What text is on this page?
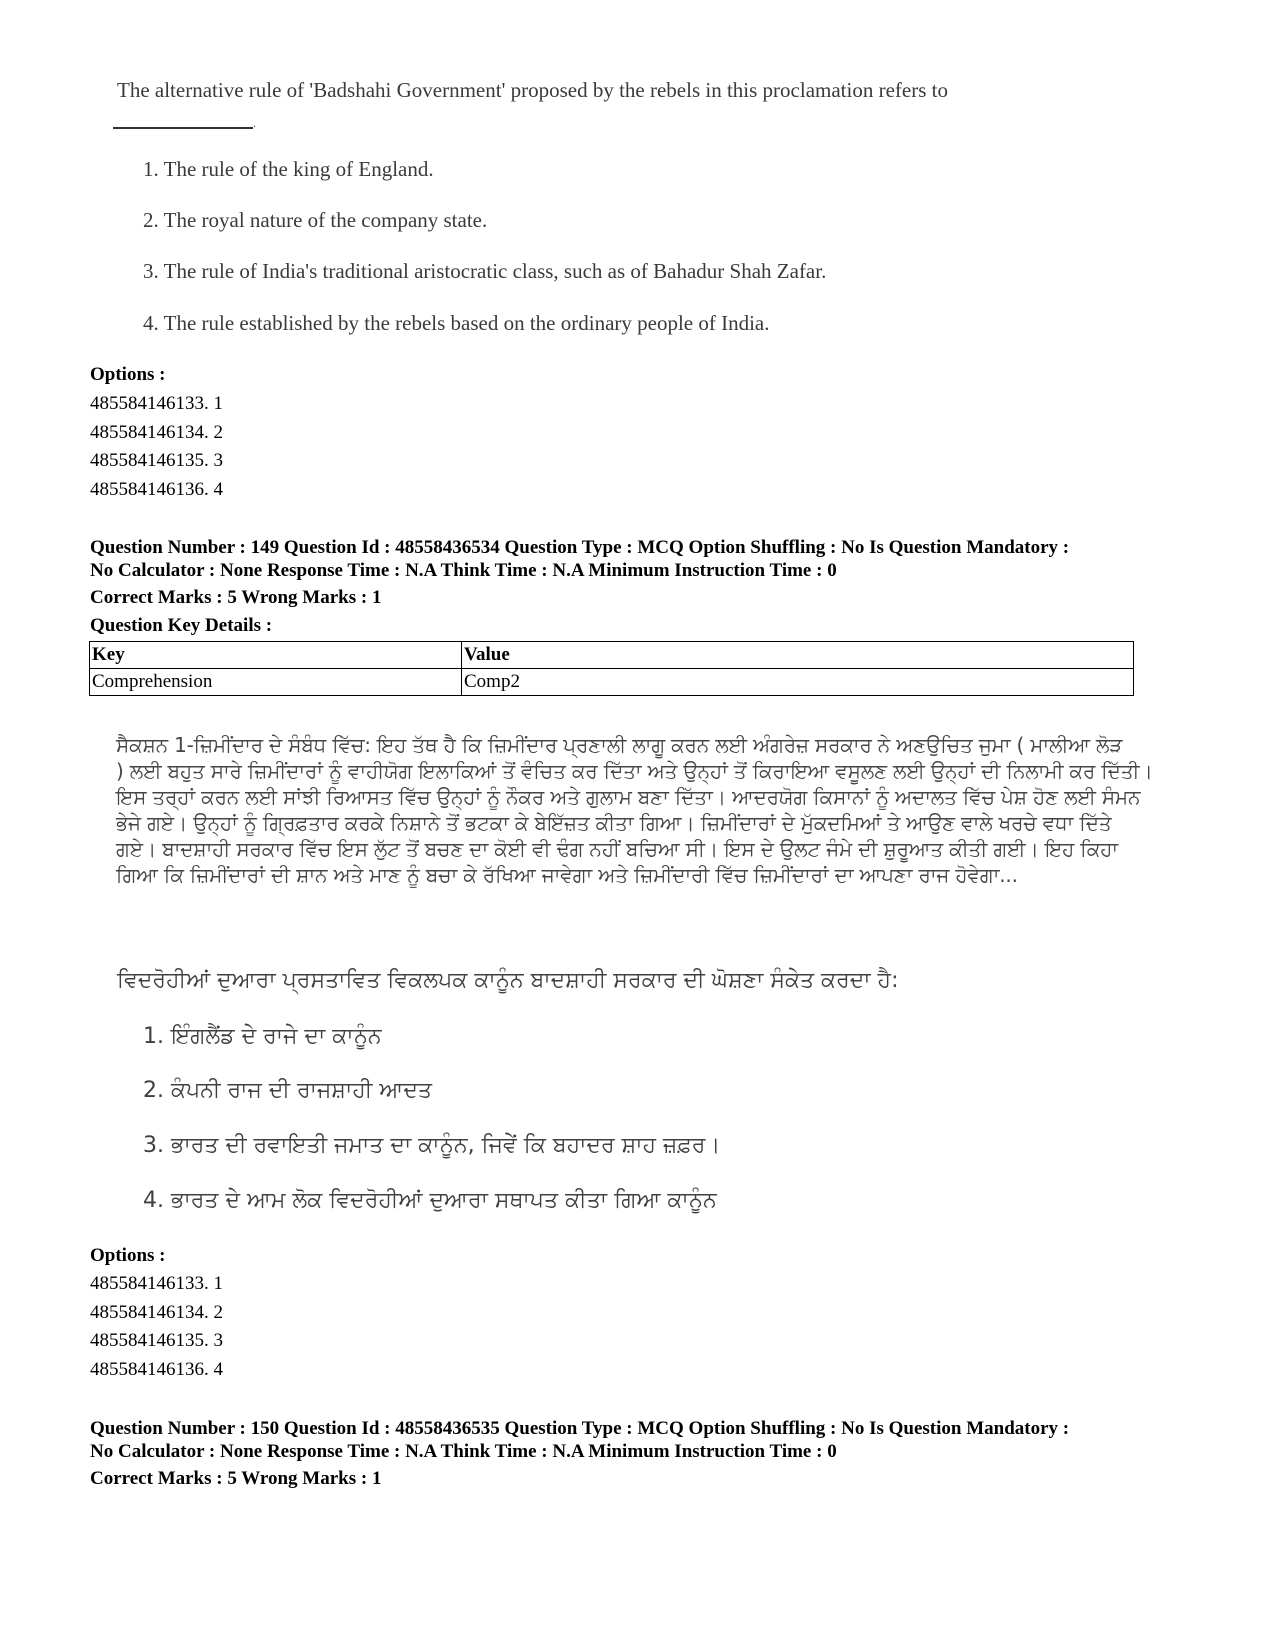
The alternative rule of 'Badshahi Government' proposed by the rebels in this proclamation refers to
.
1. The rule of the king of England.
2. The royal nature of the company state.
3. The rule of India's traditional aristocratic class, such as of Bahadur Shah Zafar.
4. The rule established by the rebels based on the ordinary people of India.
Options :
485584146133. 1
485584146134. 2
485584146135. 3
485584146136. 4
Question Number : 149 Question Id : 48558436534 Question Type : MCQ Option Shuffling : No Is Question Mandatory :
No Calculator : None Response Time : N.A Think Time : N.A Minimum Instruction Time : 0
Correct Marks : 5 Wrong Marks : 1
Question Key Details :
Key	Value
Comprehension	Comp2
ਸੈਕਸ਼ਨ 1-ਜ਼ਿਮੀਂਦਾਰ ਦੇ ਸੰਬੰਧ ਵਿੱਚ: ਇਹ ਤੱਥ ਹੈ ਕਿ ਜ਼ਿਮੀਂਦਾਰ ਪ੍ਰਣਾਲੀ ਲਾਗੂ ਕਰਨ ਲਈ ਅੰਗਰੇਜ਼ ਸਰਕਾਰ ਨੇ ਅਣਉਚਿਤ ਜੁਮਾ ( ਮਾਲੀਆ ਲੋੜ
) ਲਈ ਬਹੁਤ ਸਾਰੇ ਜ਼ਿਮੀਂਦਾਰਾਂ ਨੂੰ ਵਾਹੀਯੋਗ ਇਲਾਕਿਆਂ ਤੋਂ ਵੰਚਿਤ ਕਰ ਦਿੱਤਾ ਅਤੇ ਉਨ੍ਹਾਂ ਤੋਂ ਕਿਰਾਇਆ ਵਸੂਲਣ ਲਈ ਉਨ੍ਹਾਂ ਦੀ ਨਿਲਾਮੀ ਕਰ ਦਿੱਤੀ।
ਇਸ ਤਰ੍ਹਾਂ ਕਰਨ ਲਈ ਸਾਂਝੀ ਰਿਆਸਤ ਵਿੱਚ ਉਨ੍ਹਾਂ ਨੂੰ ਨੌਕਰ ਅਤੇ ਗੁਲਾਮ ਬਣਾ ਦਿੱਤਾ। ਆਦਰਯੋਗ ਕਿਸਾਨਾਂ ਨੂੰ ਅਦਾਲਤ ਵਿੱਚ ਪੇਸ਼ ਹੋਣ ਲਈ ਸੰਮਨ
ਭੇਜੇ ਗਏ। ਉਨ੍ਹਾਂ ਨੂੰ ਗ੍ਰਿਫ਼ਤਾਰ ਕਰਕੇ ਨਿਸ਼ਾਨੇ ਤੋਂ ਭਟਕਾ ਕੇ ਬੇਇੱਜ਼ਤ ਕੀਤਾ ਗਿਆ। ਜ਼ਿਮੀਂਦਾਰਾਂ ਦੇ ਮੁੱਕਦਮਿਆਂ ਤੇ ਆਉਣ ਵਾਲੇ ਖਰਚੇ ਵਧਾ ਦਿੱਤੇ
ਗਏ। ਬਾਦਸ਼ਾਹੀ ਸਰਕਾਰ ਵਿੱਚ ਇਸ ਲੁੱਟ ਤੋਂ ਬਚਣ ਦਾ ਕੋਈ ਵੀ ਢੰਗ ਨਹੀਂ ਬਚਿਆ ਸੀ। ਇਸ ਦੇ ਉਲਟ ਜੰਮੇ ਦੀ ਸ਼ੁਰੂਆਤ ਕੀਤੀ ਗਈ। ਇਹ ਕਿਹਾ
ਗਿਆ ਕਿ ਜ਼ਿਮੀਂਦਾਰਾਂ ਦੀ ਸ਼ਾਨ ਅਤੇ ਮਾਣ ਨੂੰ ਬਚਾ ਕੇ ਰੱਖਿਆ ਜਾਵੇਗਾ ਅਤੇ ਜ਼ਿਮੀਂਦਾਰੀ ਵਿੱਚ ਜ਼ਿਮੀਂਦਾਰਾਂ ਦਾ ਆਪਣਾ ਰਾਜ ਹੋਵੇਗਾ...
ਵਿਦਰੋਹੀਆਂ ਦੁਆਰਾ ਪ੍ਰਸਤਾਵਿਤ ਵਿਕਲਪਕ ਕਾਨੂੰਨ ਬਾਦਸ਼ਾਹੀ ਸਰਕਾਰ ਦੀ ਘੋਸ਼ਣਾ ਸੰਕੇਤ ਕਰਦਾ ਹੈ:
1. ਇੰਗਲੈਂਡ ਦੇ ਰਾਜੇ ਦਾ ਕਾਨੂੰਨ
2. ਕੰਪਨੀ ਰਾਜ ਦੀ ਰਾਜਸ਼ਾਹੀ ਆਦਤ
3. ਭਾਰਤ ਦੀ ਰਵਾਇਤੀ ਜਮਾਤ ਦਾ ਕਾਨੂੰਨ, ਜਿਵੇਂ ਕਿ ਬਹਾਦਰ ਸ਼ਾਹ ਜ਼ਫ਼ਰ।
4. ਭਾਰਤ ਦੇ ਆਮ ਲੋਕ ਵਿਦਰੋਹੀਆਂ ਦੁਆਰਾ ਸਥਾਪਤ ਕੀਤਾ ਗਿਆ ਕਾਨੂੰਨ
Options :
485584146133. 1
485584146134. 2
485584146135. 3
485584146136. 4
Question Number : 150 Question Id : 48558436535 Question Type : MCQ Option Shuffling : No Is Question Mandatory :
No Calculator : None Response Time : N.A Think Time : N.A Minimum Instruction Time : 0
Correct Marks : 5 Wrong Marks : 1
